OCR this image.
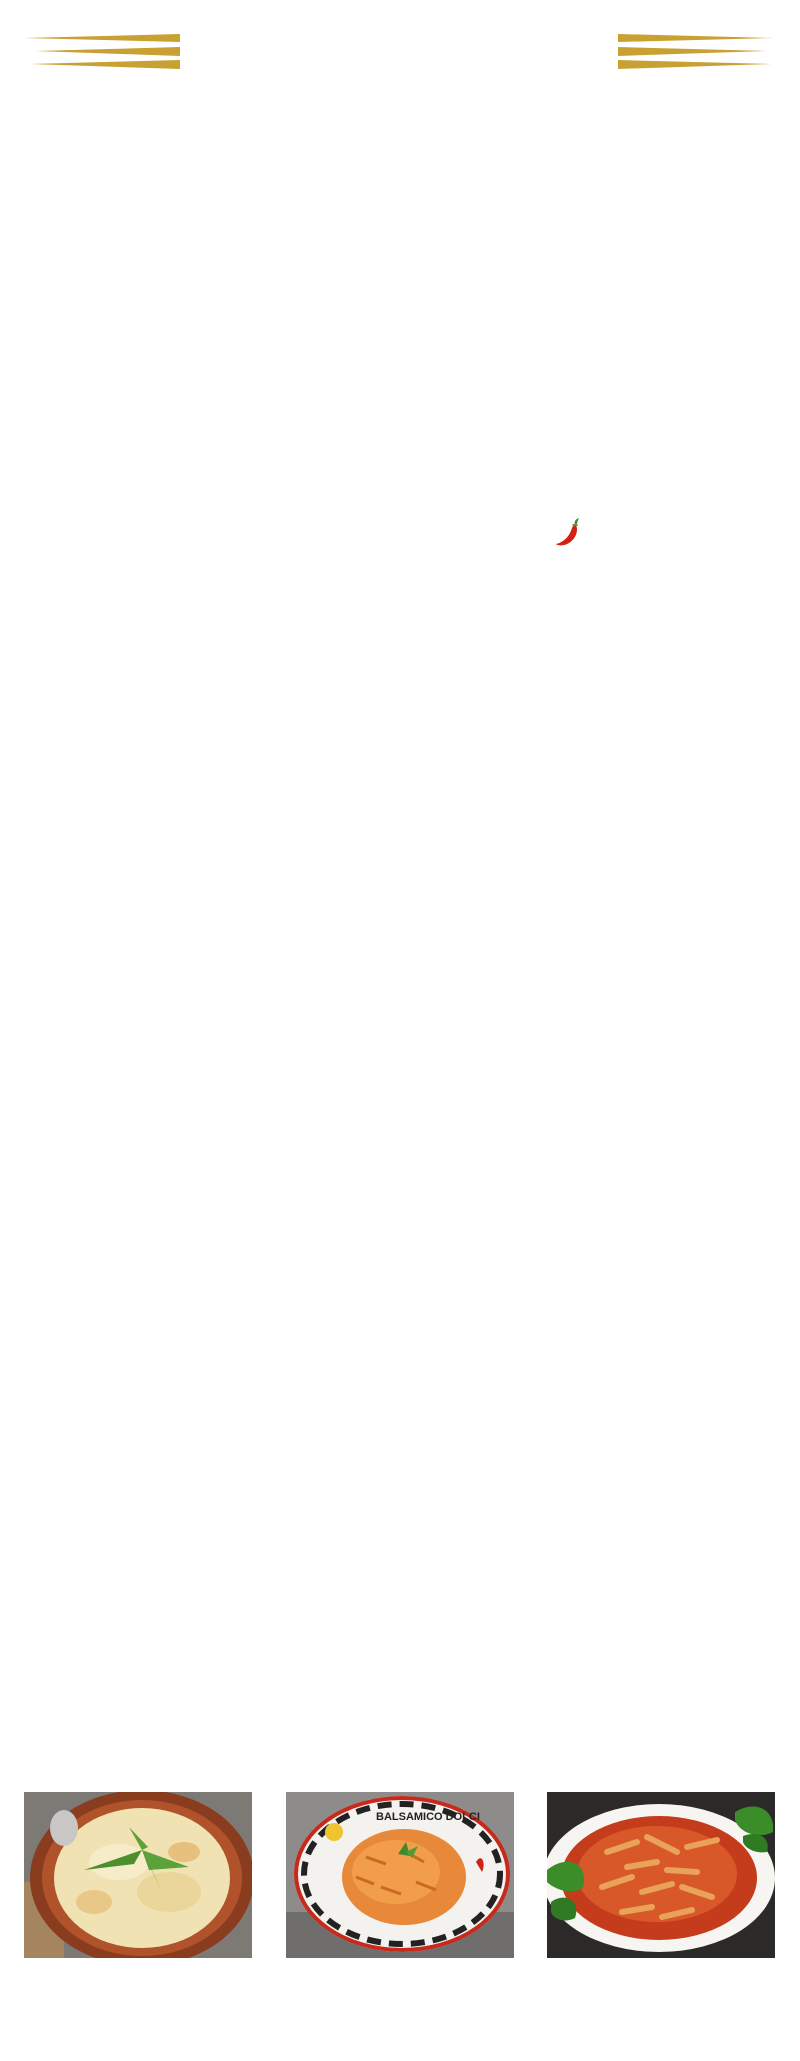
BALSAMICO DOLCI
